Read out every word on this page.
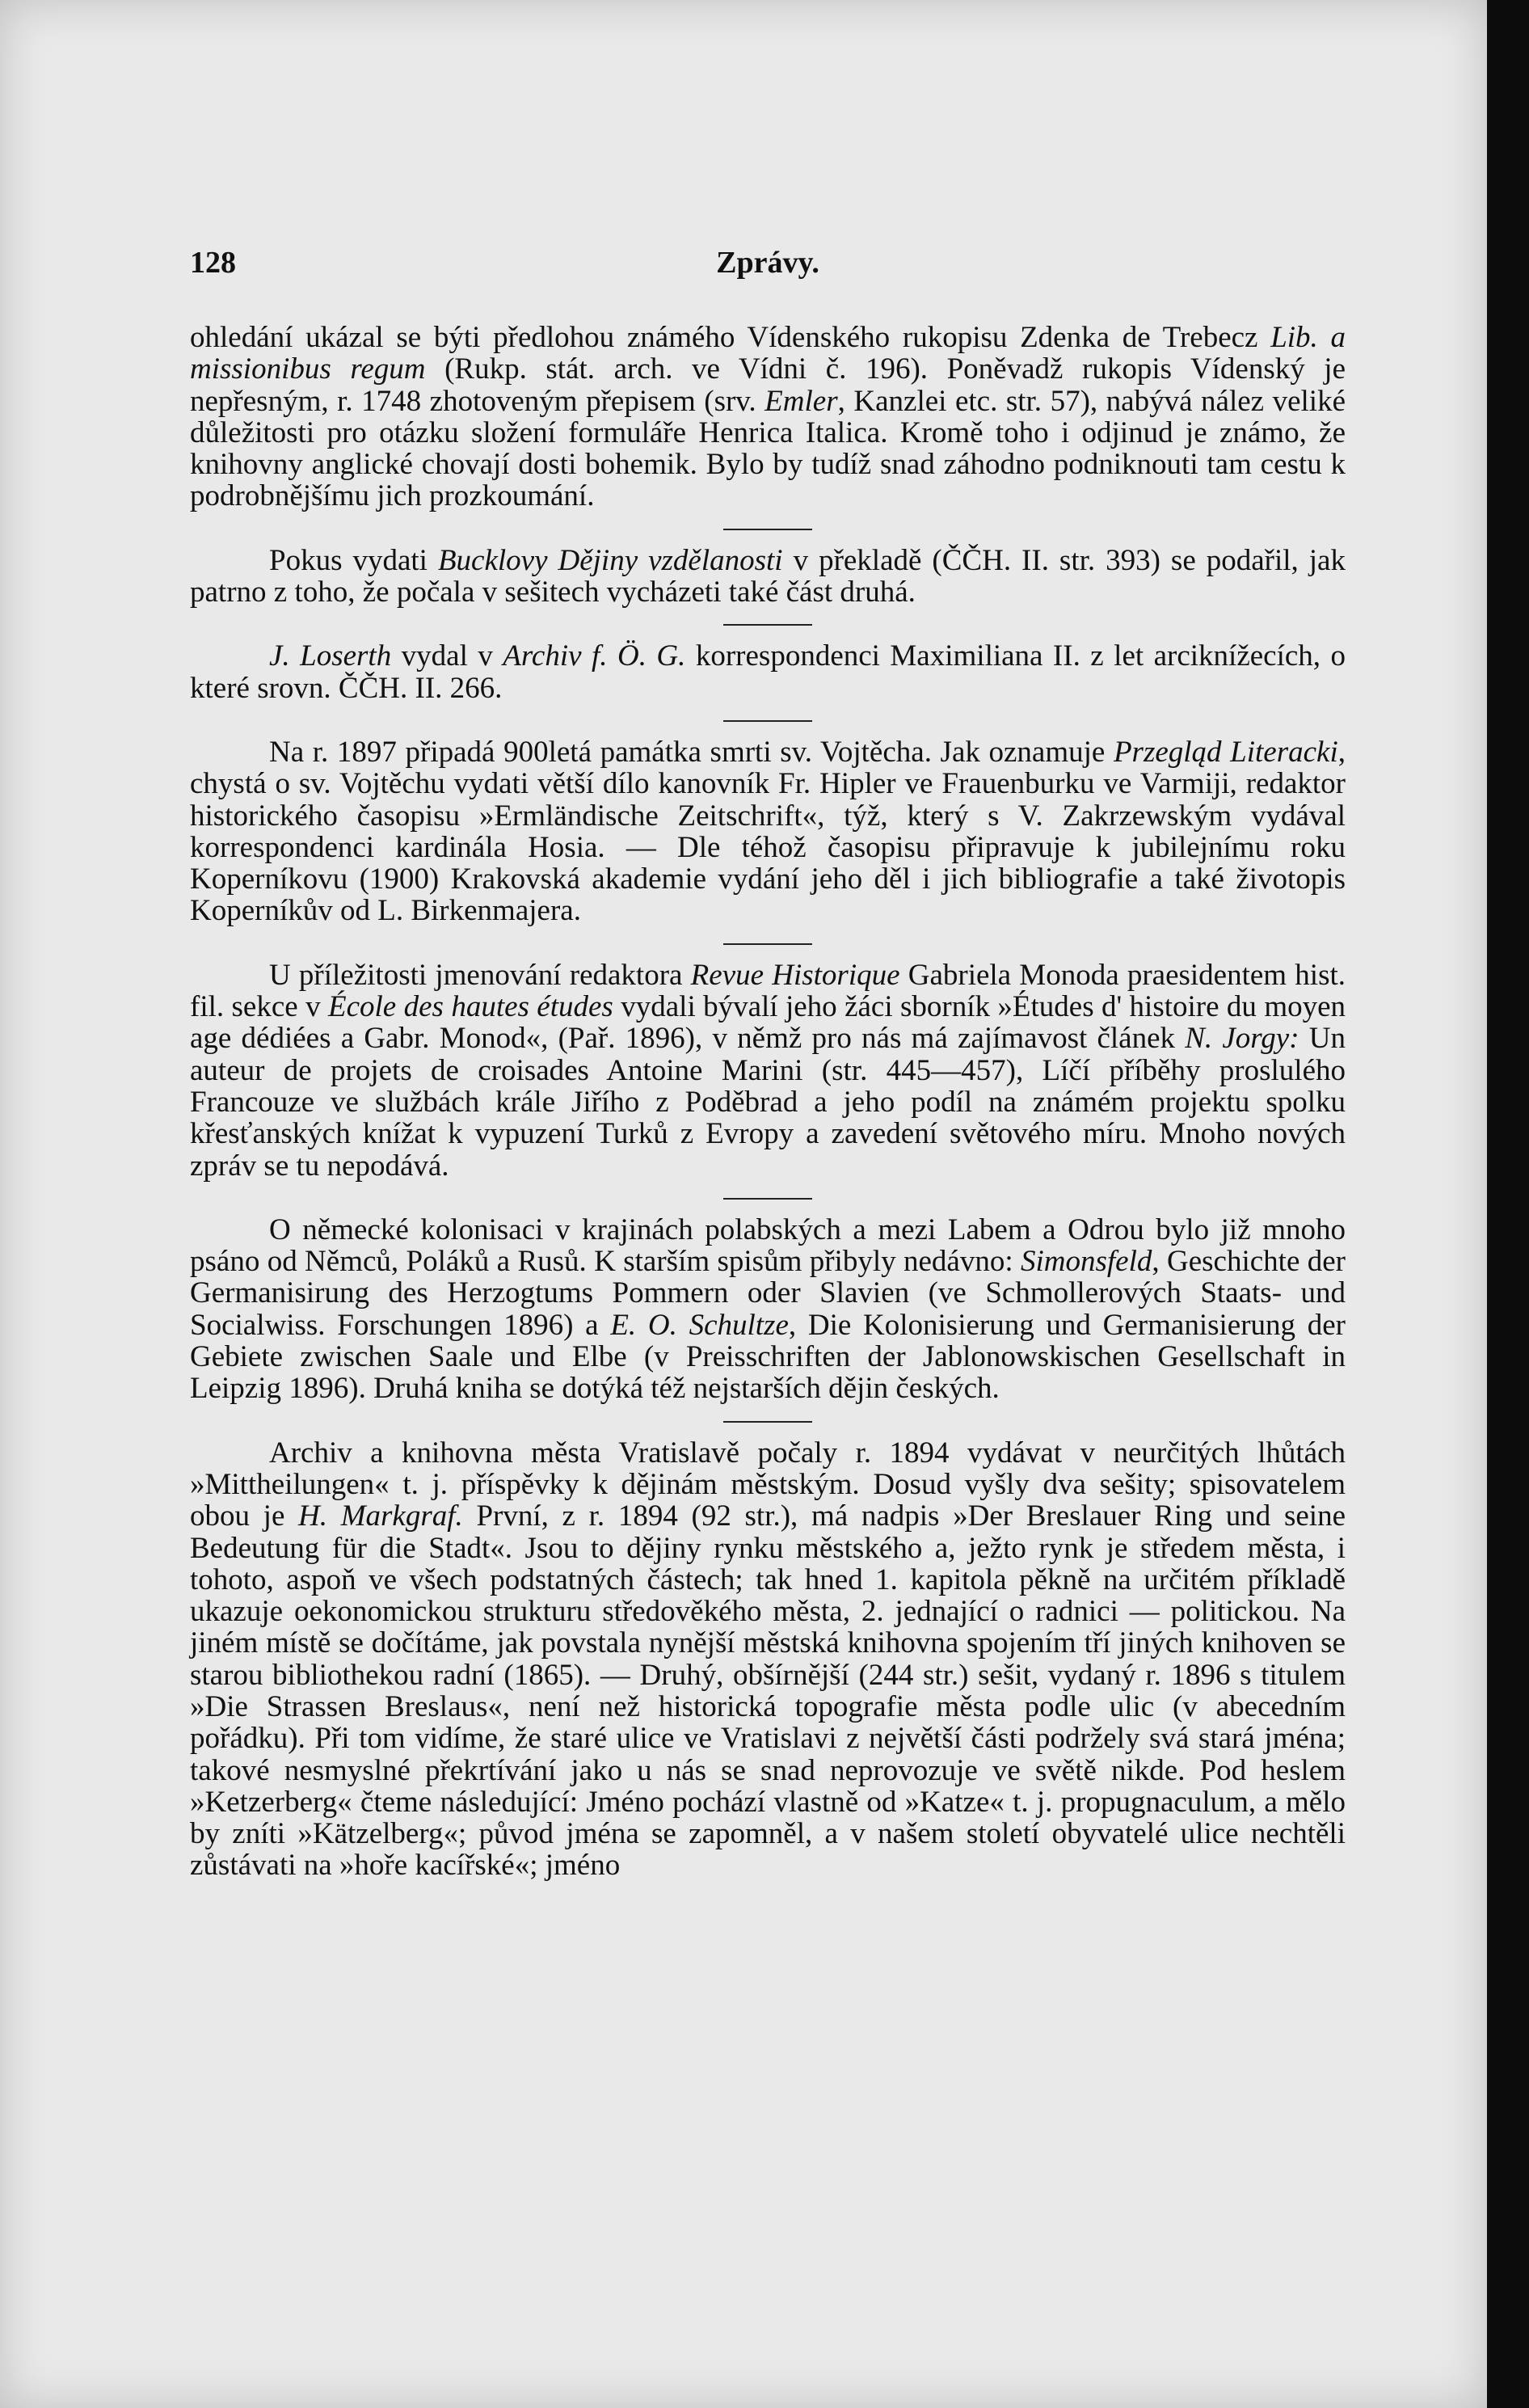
128	Zprávy.

ohledání ukázal se býti předlohou známého Vídenského rukopisu Zdenka de Trebecz Lib. a missionibus regum (Rukp. stát. arch. ve Vídni č. 196). Poněvadž rukopis Vídenský je nepřesným, r. 1748 zhotoveným přepisem (srv. Emler, Kanzlei etc. str. 57), nabývá nález veliké důležitosti pro otázku složení formuláře Henrica Italica. Kromě toho i odjinud je známo, že knihovny anglické chovají dosti bohemik. Bylo by tudíž snad záhodno podniknouti tam cestu k podrobnějšímu jich prozkoumání.

Pokus vydati Bucklovy Dějiny vzdělanosti v překladě (ČČH. II. str. 393) se podařil, jak patrno z toho, že počala v sešitech vycházeti také část druhá.

J. Loserth vydal v Archiv f. Ö. G. korrespondenci Maximiliana II. z let arciknížecích, o které srovn. ČČH. II. 266.

Na r. 1897 připadá 900letá památka smrti sv. Vojtěcha. Jak oznamuje Przegląd Literacki, chystá o sv. Vojtěchu vydati větší dílo kanovník Fr. Hipler ve Frauenburku ve Varmiji, redaktor historického časopisu »Ermländische Zeitschrift«, týž, který s V. Zakrzewským vydával korrespondenci kardinála Hosia. — Dle téhož časopisu připravuje k jubilejnímu roku Koperníkovu (1900) Krakovská akademie vydání jeho děl i jich bibliografie a také životopis Koperníkův od L. Birkenmajera.

U příležitosti jmenování redaktora Revue Historique Gabriela Monoda praesidentem hist. fil. sekce v École des hautes études vydali bývalí jeho žáci sborník »Études d' histoire du moyen age dédiées a Gabr. Monod«, (Pař. 1896), v němž pro nás má zajímavost článek N. Jorgy: Un auteur de projets de croisades Antoine Marini (str. 445—457), Líčí příběhy proslulého Francouze ve službách krále Jiřího z Poděbrad a jeho podíl na známém projektu spolku křesťanských knížat k vypuzení Turků z Evropy a zavedení světového míru. Mnoho nových zpráv se tu nepodává.

O německé kolonisaci v krajinách polabských a mezi Labem a Odrou bylo již mnoho psáno od Němců, Poláků a Rusů. K starším spisům přibyly nedávno: Simonsfeld, Geschichte der Germanisirung des Herzogtums Pommern oder Slavien (ve Schmollerových Staats- und Socialwiss. Forschungen 1896) a E. O. Schultze, Die Kolonisierung und Germanisierung der Gebiete zwischen Saale und Elbe (v Preisschriften der Jablonowskischen Gesellschaft in Leipzig 1896). Druhá kniha se dotýká též nejstarších dějin českých.

Archiv a knihovna města Vratislavě počaly r. 1894 vydávat v neurčitých lhůtách »Mittheilungen« t. j. příspěvky k dějinám městským. Dosud vyšly dva sešity; spisovatelem obou je H. Markgraf. První, z r. 1894 (92 str.), má nadpis »Der Breslauer Ring und seine Bedeutung für die Stadt«. Jsou to dějiny rynku městského a, ježto rynk je středem města, i tohoto, aspoň ve všech podstatných částech; tak hned 1. kapitola pěkně na určitém příkladě ukazuje oekonomickou strukturu středověkého města, 2. jednající o radnici — politickou. Na jiném místě se dočítáme, jak povstala nynější městská knihovna spojením tří jiných knihoven se starou bibliothekou radní (1865). — Druhý, obšírnější (244 str.) sešit, vydaný r. 1896 s titulem »Die Strassen Breslaus«, není než historická topografie města podle ulic (v abecedním pořádku). Při tom vidíme, že staré ulice ve Vratislavi z největší části podržely svá stará jména; takové nesmyslné překrtívání jako u nás se snad neprovozuje ve světě nikde. Pod heslem »Ketzerberg« čteme následující: Jméno pochází vlastně od »Katze« t. j. propugnaculum, a mělo by zníti »Kätzelberg«; původ jména se zapomněl, a v našem století obyvatelé ulice nechtěli zůstávati na »hoře kacířské«; jméno
